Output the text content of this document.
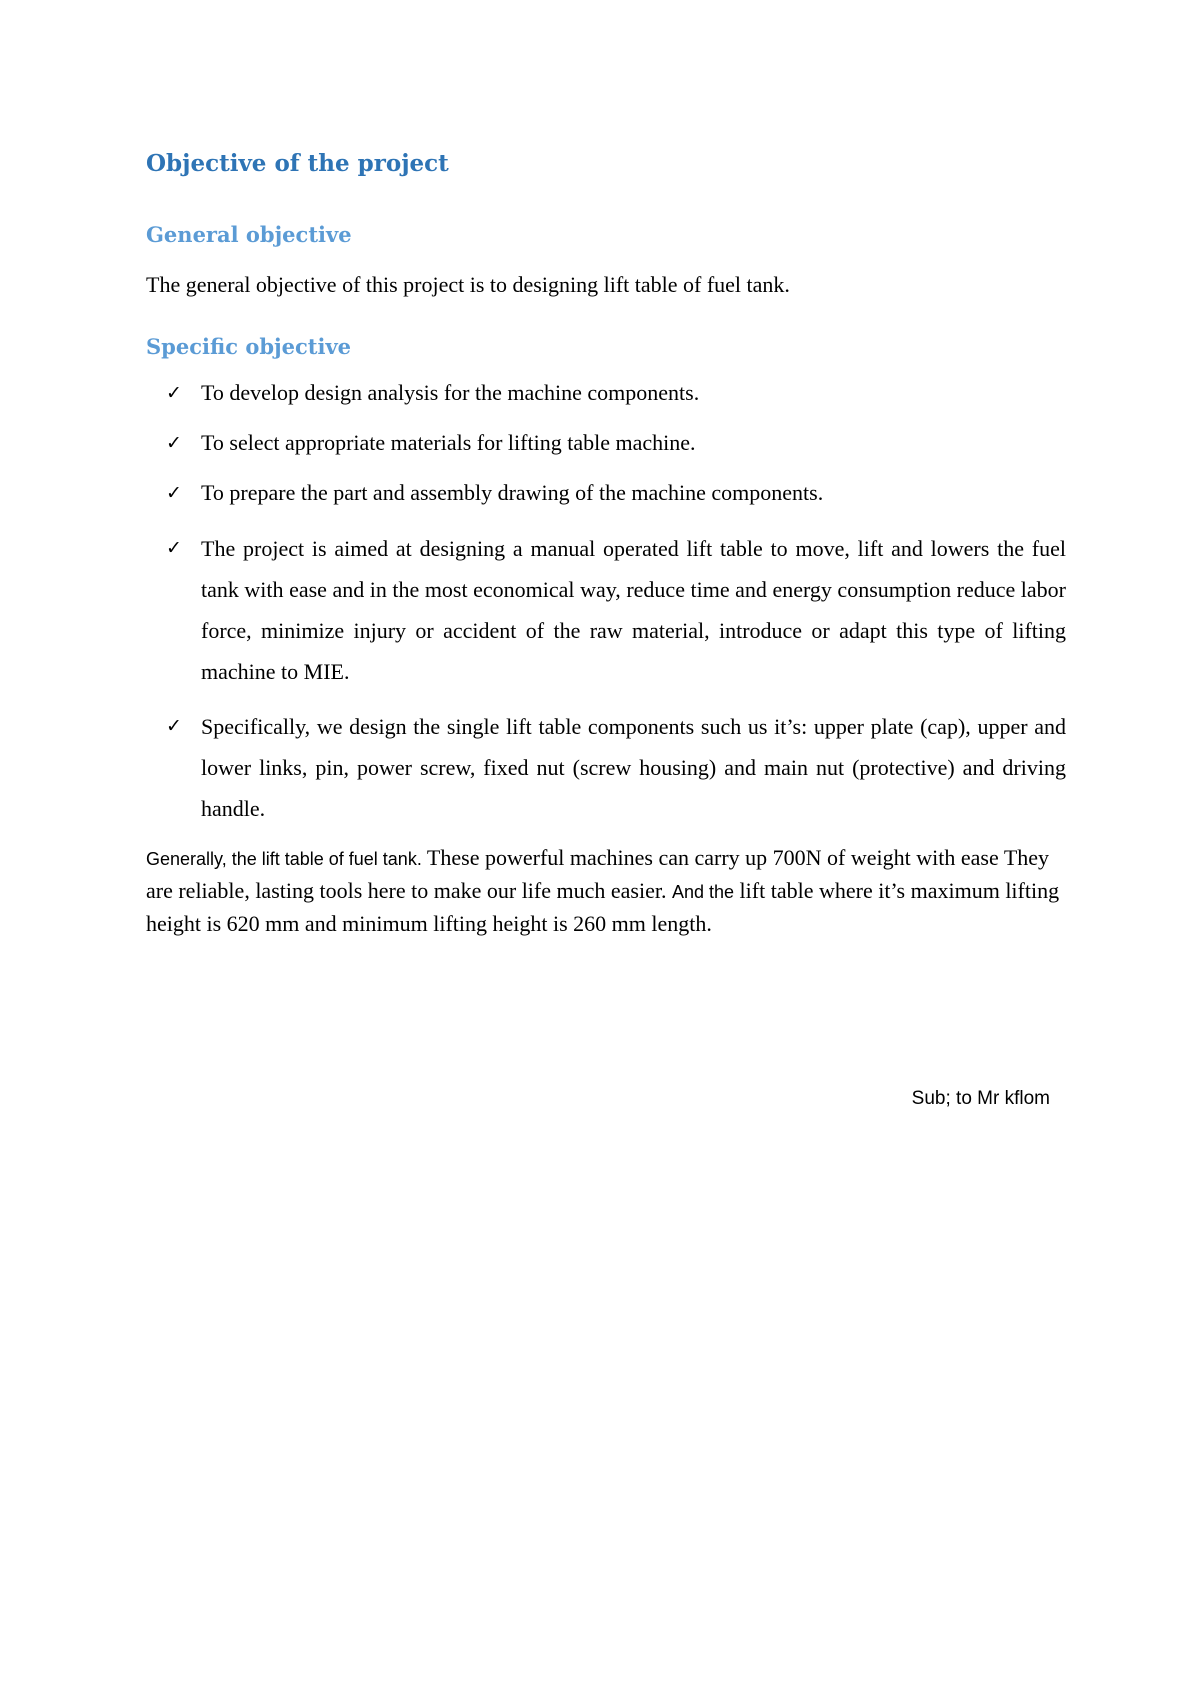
Objective of the project
General objective

The general objective of this project is to designing lift table of fuel tank.

Specific objective
✓ To develop design analysis for the machine components.
✓ To select appropriate materials for lifting table machine.
✓ To prepare the part and assembly drawing of the machine components.
✓ The project is aimed at designing a manual operated lift table to move, lift and lowers the fuel tank with ease and in the most economical way, reduce time and energy consumption reduce labor force, minimize injury or accident of the raw material, introduce or adapt this type of lifting machine to MIE.
✓ Specifically, we design the single lift table components such us it’s: upper plate (cap), upper and lower links, pin, power screw, fixed nut (screw housing) and main nut (protective) and driving handle.

Generally, the lift table of fuel tank. These powerful machines can carry up 700N of weight with ease They are reliable, lasting tools here to make our life much easier. And the lift table where it’s maximum lifting height is 620 mm and minimum lifting height is 260 mm length.

Sub; to Mr kflom
